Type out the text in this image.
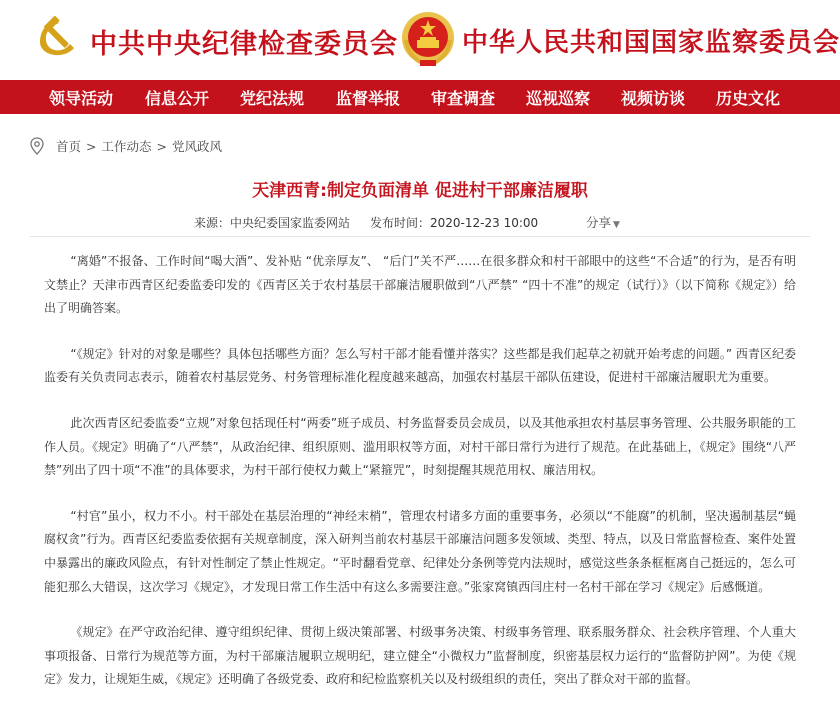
中共中央纪律检查委员会 中华人民共和国国家监察委员会
领导活动 信息公开 党纪法规 监督举报 审查调查 巡视巡察 视频访谈 历史文化
首页 > 工作动态 > 党风政风
天津西青:制定负面清单 促进村干部廉洁履职
来源：中央纪委国家监委网站 发布时间：2020-12-23 10:00	分享 ▼

“离婚”不报备、工作时间“喝大酒”、发补贴 “优亲厚友”、 “后门”关不严……在很多群众和村干部眼中的这些“不合适”的行为，是否有明文禁止？天津市西青区纪委监委印发的《西青区关于农村基层干部廉洁履职做到“八严禁” “四十不准”的规定（试行）》（以下简称《规定》）给出了明确答案。

“《规定》针对的对象是哪些？具体包括哪些方面？怎么写村干部才能看懂并落实？这些都是我们起草之初就开始考虑的问题。” 西青区纪委监委有关负责同志表示，随着农村基层党务、村务管理标准化程度越来越高，加强农村基层干部队伍建设，促进村干部廉洁履职尤为重要。

此次西青区纪委监委“立规”对象包括现任村“两委”班子成员、村务监督委员会成员，以及其他承担农村基层事务管理、公共服务职能的工作人员。《规定》明确了“八严禁”，从政治纪律、组织原则、滥用职权等方面，对村干部日常行为进行了规范。在此基础上，《规定》围绕“八严禁”列出了四十项“不准”的具体要求，为村干部行使权力戴上“紧箍咒”，时刻提醒其规范用权、廉洁用权。

“村官”虽小，权力不小。村干部处在基层治理的“神经末梢”，管理农村诸多方面的重要事务，必须以“不能腐”的机制，坚决遏制基层“蝇腐权贪”行为。西青区纪委监委依据有关规章制度，深入研判当前农村基层干部廉洁问题多发领域、类型、特点，以及日常监督检查、案件处置中暴露出的廉政风险点，有针对性制定了禁止性规定。“平时翻看党章、纪律处分条例等党内法规时，感觉这些条条框框离自己挺远的，怎么可能犯那么大错误，这次学习《规定》，才发现日常工作生活中有这么多需要注意。”张家窝镇西闫庄村一名村干部在学习《规定》后感慨道。

《规定》在严守政治纪律、遵守组织纪律、贯彻上级决策部署、村级事务决策、村级事务管理、联系服务群众、社会秩序管理、个人重大事项报备、日常行为规范等方面，为村干部廉洁履职立规明纪，建立健全“小微权力”监督制度，织密基层权力运行的“监督防护网”。为使《规定》发力，让规矩生威，《规定》还明确了各级党委、政府和纪检监察机关以及村级组织的责任，突出了群众对干部的监督。
